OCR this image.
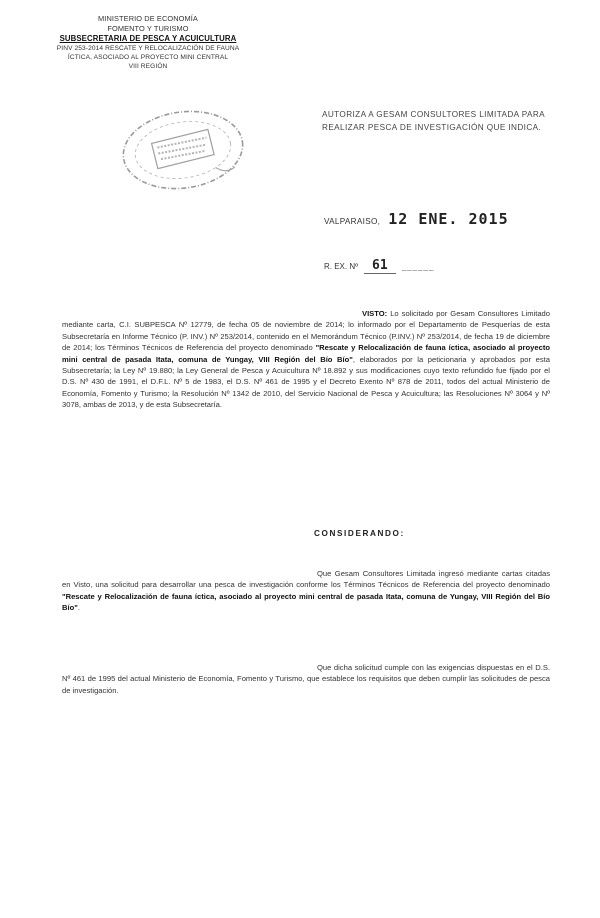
MINISTERIO DE ECONOMÍA
FOMENTO Y TURISMO
SUBSECRETARIA DE PESCA Y ACUICULTURA
PINV 253-2014 RESCATE Y RELOCALIZACIÓN DE FAUNA
ÍCTICA, ASOCIADO AL PROYECTO MINI CENTRAL
VIII REGIÓN
AUTORIZA A GESAM CONSULTORES LIMITADA PARA REALIZAR PESCA DE INVESTIGACIÓN QUE INDICA.
VALPARAISO, 12 ENE. 2015
R. EX. Nº	61	______
VISTO: Lo solicitado por Gesam Consultores Limitado mediante carta, C.I. SUBPESCA Nº 12779, de fecha 05 de noviembre de 2014; lo informado por el Departamento de Pesquerías de esta Subsecretaría en Informe Técnico (P. INV.) Nº 253/2014, contenido en el Memorándum Técnico (P.INV.) Nº 253/2014, de fecha 19 de diciembre de 2014; los Términos Técnicos de Referencia del proyecto denominado "Rescate y Relocalización de fauna íctica, asociado al proyecto mini central de pasada Itata, comuna de Yungay, VIII Región del Bío Bío", elaborados por la peticionaria y aprobados por esta Subsecretaría; la Ley Nº 19.880; la Ley General de Pesca y Acuicultura Nº 18.892 y sus modificaciones cuyo texto refundido fue fijado por el D.S. Nº 430 de 1991, el D.F.L. Nº 5 de 1983, el D.S. Nº 461 de 1995 y el Decreto Exento Nº 878 de 2011, todos del actual Ministerio de Economía, Fomento y Turismo; la Resolución Nº 1342 de 2010, del Servicio Nacional de Pesca y Acuicultura; las Resoluciones Nº 3064 y Nº 3078, ambas de 2013, y de esta Subsecretaría.
CONSIDERANDO:
Que Gesam Consultores Limitada ingresó mediante cartas citadas en Visto, una solicitud para desarrollar una pesca de investigación conforme los Términos Técnicos de Referencia del proyecto denominado "Rescate y Relocalización de fauna íctica, asociado al proyecto mini central de pasada Itata, comuna de Yungay, VIII Región del Bío Bío".
Que dicha solicitud cumple con las exigencias dispuestas en el D.S. Nº 461 de 1995 del actual Ministerio de Economía, Fomento y Turismo, que establece los requisitos que deben cumplir las solicitudes de pesca de investigación.
